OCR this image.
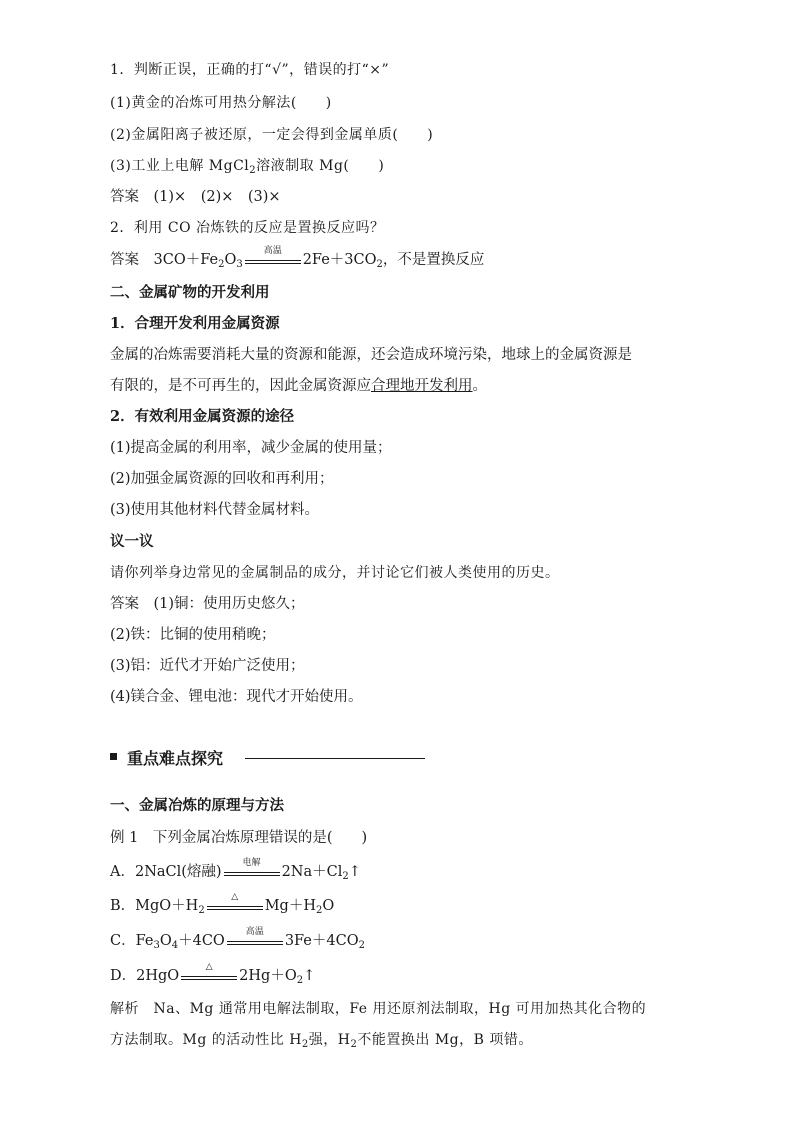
1．判断正误，正确的打“√”，错误的打“×”
(1)黄金的冶炼可用热分解法(　　)
(2)金属阳离子被还原，一定会得到金属单质(　　)
(3)工业上电解 MgCl$_2$溶液制取 Mg(　　)
答案　(1)×　(2)×　(3)×
2．利用 CO 冶炼铁的反应是置换反应吗？
答案　 $3CO+Fe_2O_3$
高温
$2Fe+3CO_2$，不是置换反应
二、金属矿物的开发利用
1．合理开发利用金属资源
金属的冶炼需要消耗大量的资源和能源，还会造成环境污染，地球上的金属资源是
有限的，是不可再生的，因此金属资源应合理地开发利用。
2．有效利用金属资源的途径
(1)提高金属的利用率，减少金属的使用量；
(2)加强金属资源的回收和再利用；
(3)使用其他材料代替金属材料。
议一议
请你列举身边常见的金属制品的成分，并讨论它们被人类使用的历史。
答案　(1)铜：使用历史悠久；
(2)铁：比铜的使用稍晚；
(3)铝：近代才开始广泛使用；
(4)镁合金、锂电池：现代才开始使用。
重点难点探究
一、金属冶炼的原理与方法
例 1　下列金属冶炼原理错误的是(　　)
A．2NaCl(熔融)
电解
$2Na+Cl_2↑$
B．$MgO+H_2$
△
$Mg+H_2O$
C．$Fe_3O_4+4CO$
高温
$3Fe+4CO_2$
D．2HgO
△
$2Hg+O_2↑$
解析　Na、Mg 通常用电解法制取，Fe 用还原剂法制取，Hg 可用加热其化合物的
方法制取。Mg 的活动性比 $H_2$强，$H_2$不能置换出 Mg，B 项错。
